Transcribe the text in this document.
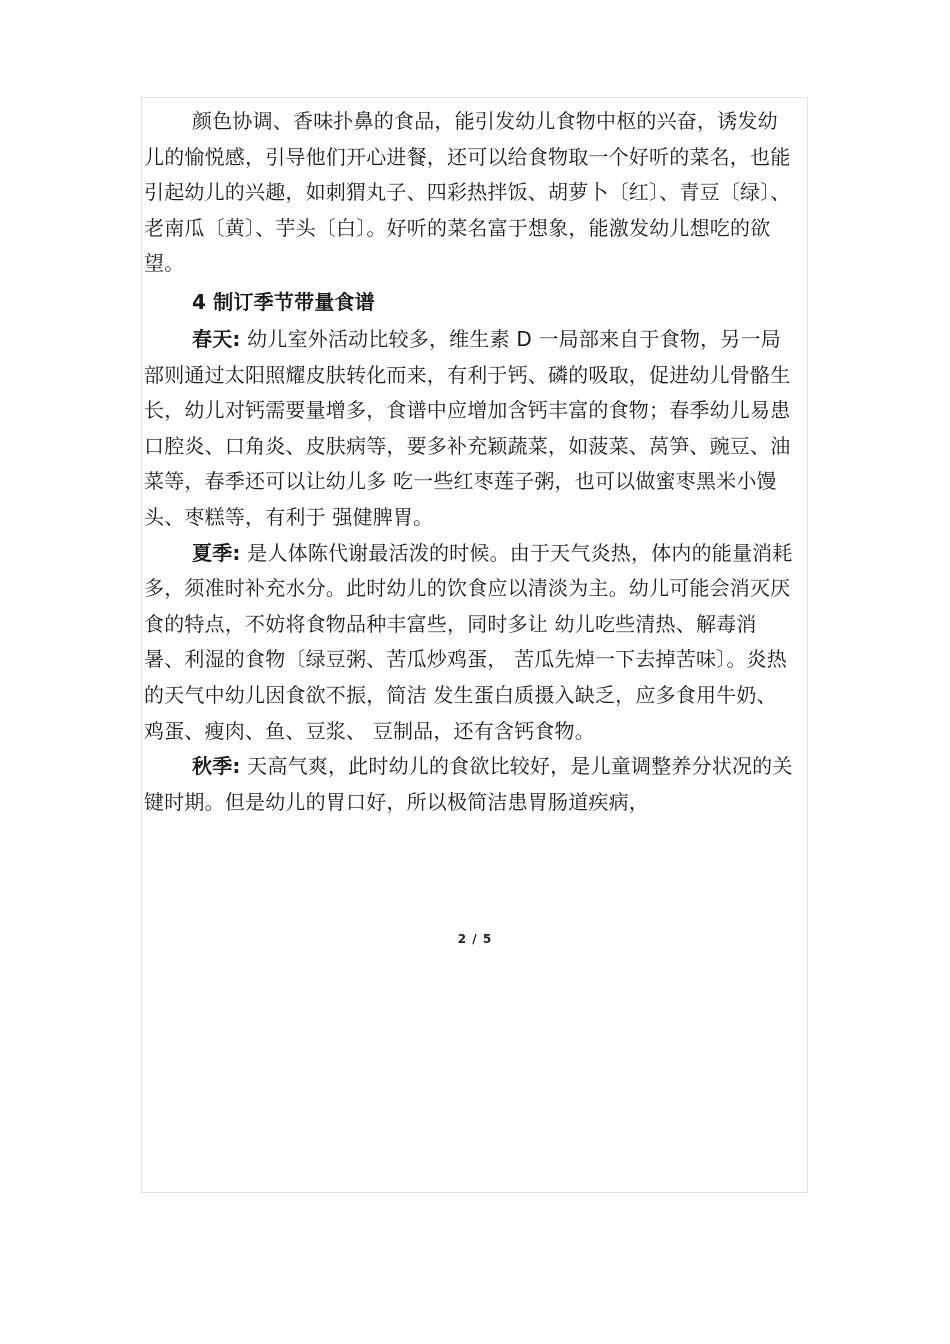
颜色协调、香味扑鼻的食品，能引发幼儿食物中枢的兴奋，诱发幼儿的愉悦感，引导他们开心进餐，还可以给食物取一个好听的菜名，也能引起幼儿的兴趣，如刺猬丸子、四彩热拌饭、胡萝卜〔红〕、青豆〔绿〕、老南瓜〔黄〕、芋头〔白〕。好听的菜名富于想象，能激发幼儿想吃的欲望。

4 制订季节带量食谱

春天: 幼儿室外活动比较多，维生素 D 一局部来自于食物，另一局部则通过太阳照耀皮肤转化而来，有利于钙、磷的吸取，促进幼儿骨骼生长，幼儿对钙需要量增多，食谱中应增加含钙丰富的食物；春季幼儿易患口腔炎、口角炎、皮肤病等，要多补充颖蔬菜，如菠菜、莴笋、豌豆、油菜等，春季还可以让幼儿多 吃一些红枣莲子粥，也可以做蜜枣黑米小馒头、枣糕等，有利于 强健脾胃。

夏季: 是人体陈代谢最活泼的时候。由于天气炎热，体内的能量消耗多，须准时补充水分。此时幼儿的饮食应以清淡为主。幼儿可能会消灭厌食的特点，不妨将食物品种丰富些，同时多让 幼儿吃些清热、解毒消暑、利湿的食物〔绿豆粥、苦瓜炒鸡蛋， 苦瓜先焯一下去掉苦味〕。炎热的天气中幼儿因食欲不振，简洁 发生蛋白质摄入缺乏，应多食用牛奶、鸡蛋、瘦肉、鱼、豆浆、 豆制品，还有含钙食物。

秋季: 天高气爽，此时幼儿的食欲比较好，是儿童调整养分状况的关键时期。但是幼儿的胃口好，所以极简洁患胃肠道疾病，

2 / 5
